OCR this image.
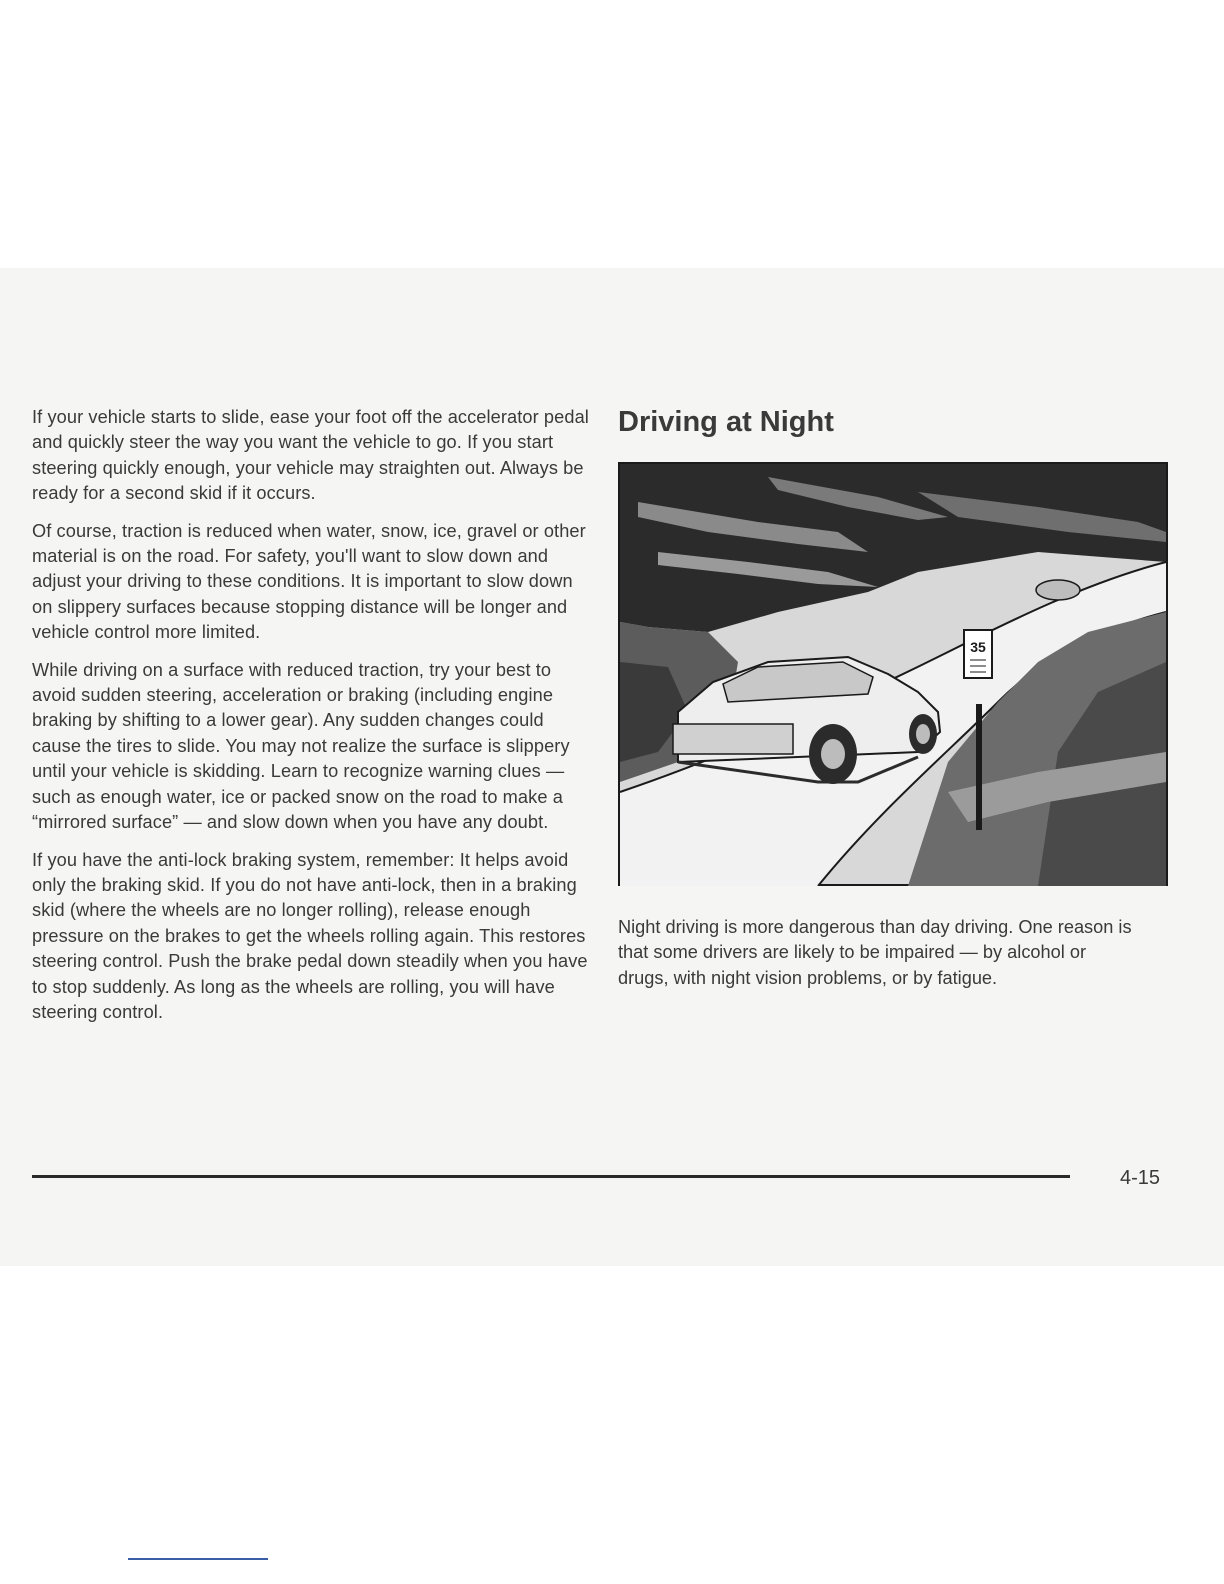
If your vehicle starts to slide, ease your foot off the accelerator pedal and quickly steer the way you want the vehicle to go. If you start steering quickly enough, your vehicle may straighten out. Always be ready for a second skid if it occurs.

Of course, traction is reduced when water, snow, ice, gravel or other material is on the road. For safety, you'll want to slow down and adjust your driving to these conditions. It is important to slow down on slippery surfaces because stopping distance will be longer and vehicle control more limited.

While driving on a surface with reduced traction, try your best to avoid sudden steering, acceleration or braking (including engine braking by shifting to a lower gear). Any sudden changes could cause the tires to slide. You may not realize the surface is slippery until your vehicle is skidding. Learn to recognize warning clues — such as enough water, ice or packed snow on the road to make a “mirrored surface” — and slow down when you have any doubt.

If you have the anti-lock braking system, remember: It helps avoid only the braking skid. If you do not have anti-lock, then in a braking skid (where the wheels are no longer rolling), release enough pressure on the brakes to get the wheels rolling again. This restores steering control. Push the brake pedal down steadily when you have to stop suddenly. As long as the wheels are rolling, you will have steering control.

Driving at Night
35

Night driving is more dangerous than day driving. One reason is that some drivers are likely to be impaired — by alcohol or drugs, with night vision problems, or by fatigue.

4-15
